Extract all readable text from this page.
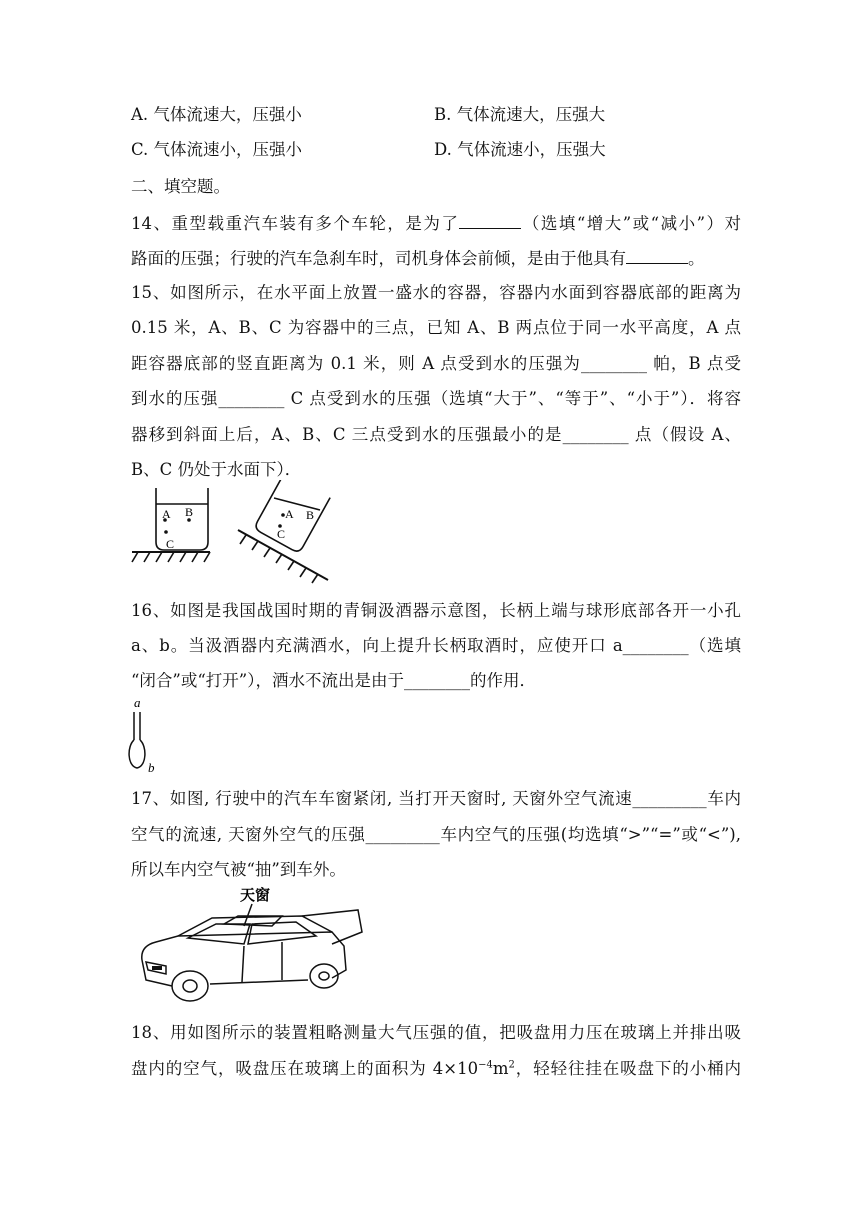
A. 气体流速大，压强小	B. 气体流速大，压强大
C. 气体流速小，压强小	D. 气体流速小，压强大
二、填空题。
14、重型载重汽车装有多个车轮，是为了	（选填“增大”或“减小”）对
路面的压强；行驶的汽车急刹车时，司机身体会前倾，是由于他具有	。
15、如图所示，在水平面上放置一盛水的容器，容器内水面到容器底部的距离为
0.15 米，A、B、C 为容器中的三点，已知 A、B 两点位于同一水平高度，A 点
距容器底部的竖直距离为 0.1 米，则 A 点受到水的压强为________ 帕，B 点受
到水的压强________ C 点受到水的压强（选填“大于”、“等于”、“小于”）．将容
器移到斜面上后，A、B、C 三点受到水的压强最小的是________ 点（假设 A、
B、C 仍处于水面下）．
A B
C
A B
C
16、如图是我国战国时期的青铜汲酒器示意图，长柄上端与球形底部各开一小孔
a、b。当汲酒器内充满酒水，向上提升长柄取酒时，应使开口 a________（选填
“闭合”或“打开”），酒水不流出是由于________的作用．
a
b
17、如图, 行驶中的汽车车窗紧闭, 当打开天窗时, 天窗外空气流速_________车内
空气的流速, 天窗外空气的压强_________车内空气的压强(均选填“>”“=”或“<”),
所以车内空气被“抽”到车外。
天窗
18、用如图所示的装置粗略测量大气压强的值，把吸盘用力压在玻璃上并排出吸
盘内的空气，吸盘压在玻璃上的面积为 $4\times 10^{-4}m^2$，轻轻往挂在吸盘下的小桶内
